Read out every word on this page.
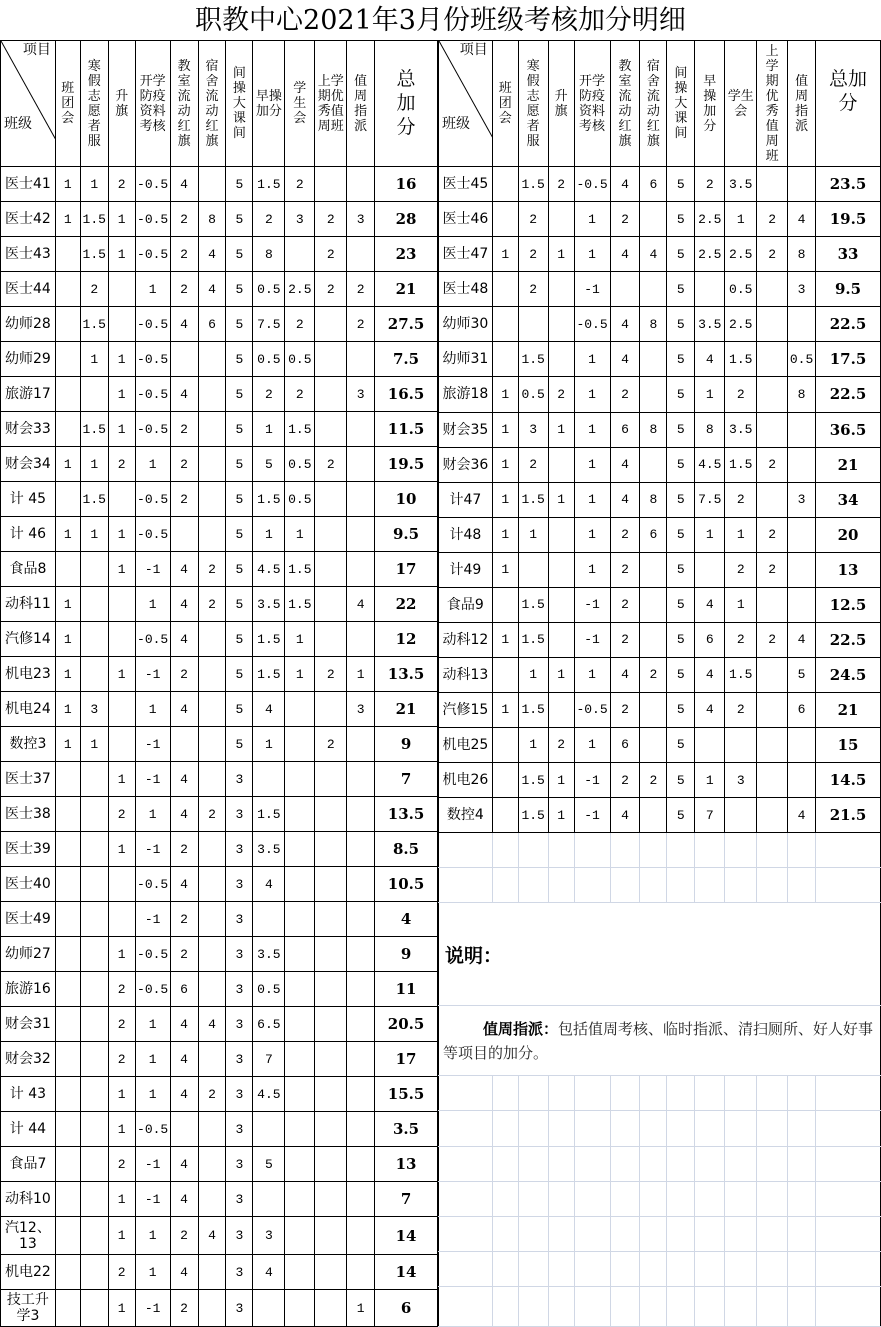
职教中心2021年3月份班级考核加分明细
项目
班级	班团会	寒假志愿者服	升旗	开学防疫资料考核	教室流动红旗	宿舍流动红旗	间操大课间	早操加分	学生会	上学期优秀值周班	值周指派	总加分
医士41	1	1	2	-0.5	4		5	1.5	2			16
医士42	1	1.5	1	-0.5	2	8	5	2	3	2	3	28
医士43		1.5	1	-0.5	2	4	5	8		2		23
医士44		2		1	2	4	5	0.5	2.5	2	2	21
幼师28		1.5		-0.5	4	6	5	7.5	2		2	27.5
幼师29		1	1	-0.5			5	0.5	0.5			7.5
旅游17			1	-0.5	4		5	2	2		3	16.5
财会33		1.5	1	-0.5	2		5	1	1.5			11.5
财会34	1	1	2	1	2		5	5	0.5	2		19.5
计 45		1.5		-0.5	2		5	1.5	0.5			10
计 46	1	1	1	-0.5			5	1	1			9.5
食品8			1	-1	4	2	5	4.5	1.5			17
动科11	1			1	4	2	5	3.5	1.5		4	22
汽修14	1			-0.5	4		5	1.5	1			12
机电23	1		1	-1	2		5	1.5	1	2	1	13.5
机电24	1	3		1	4		5	4			3	21
数控3	1	1		-1			5	1		2		9
医士37			1	-1	4		3					7
医士38			2	1	4	2	3	1.5				13.5
医士39			1	-1	2		3	3.5				8.5
医士40				-0.5	4		3	4				10.5
医士49				-1	2		3					4
幼师27			1	-0.5	2		3	3.5				9
旅游16			2	-0.5	6		3	0.5				11
财会31			2	1	4	4	3	6.5				20.5
财会32			2	1	4		3	7				17
计 43			1	1	4	2	3	4.5				15.5
计 44			1	-0.5			3					3.5
食品7			2	-1	4		3	5				13
动科10			1	-1	4		3					7
汽12、13			1	1	2	4	3	3				14
机电22			2	1	4		3	4				14
技工升学3			1	-1	2		3				1	6
项目
班级	班团会	寒假志愿者服	升旗	开学防疫资料考核	教室流动红旗	宿舍流动红旗	间操大课间	早操加分	学生会	上学期优秀值周班	值周指派	总加分
医士45		1.5	2	-0.5	4	6	5	2	3.5			23.5
医士46		2		1	2		5	2.5	1	2	4	19.5
医士47	1	2	1	1	4	4	5	2.5	2.5	2	8	33
医士48		2		-1			5		0.5		3	9.5
幼师30				-0.5	4	8	5	3.5	2.5			22.5
幼师31		1.5		1	4		5	4	1.5		0.5	17.5
旅游18	1	0.5	2	1	2		5	1	2		8	22.5
财会35	1	3	1	1	6	8	5	8	3.5			36.5
财会36	1	2		1	4		5	4.5	1.5	2		21
计47	1	1.5	1	1	4	8	5	7.5	2		3	34
计48	1	1		1	2	6	5	1	1	2		20
计49	1			1	2		5		2	2		13
食品9		1.5		-1	2		5	4	1			12.5
动科12	1	1.5		-1	2		5	6	2	2	4	22.5
动科13		1	1	1	4	2	5	4	1.5		5	24.5
汽修15	1	1.5		-0.5	2		5	4	2		6	21
机电25		1	2	1	6		5					15
机电26		1.5	1	-1	2	2	5	1	3			14.5
数控4		1.5	1	-1	4		5	7			4	21.5

说明：												

值周指派：包括值周考核、临时指派、清扫厕所、好人好事等项目的加分。												
